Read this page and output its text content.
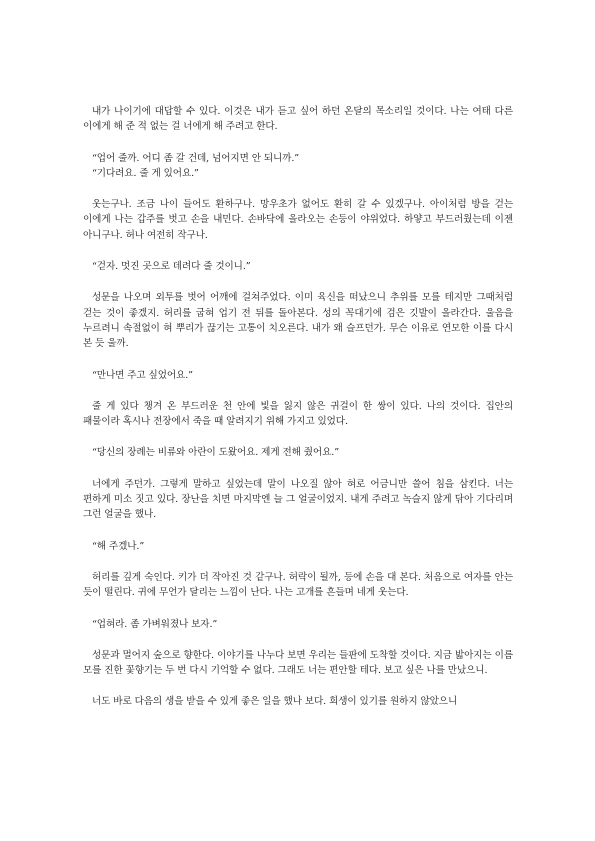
내가 나이기에 대답할 수 있다. 이것은 내가 듣고 싶어 하던 온달의 목소리일 것이다. 나는 여태 다른 이에게 해 준 적 없는 걸 너에게 해 주려고 한다.

“업어 줄까. 어디 좀 갈 건데, 넘어지면 안 되니까.”

“기다려요. 줄 게 있어요.”

웃는구나. 조금 나이 들어도 환하구나. 망우초가 없어도 환히 갈 수 있겠구나. 아이처럼 방을 걷는 이에게 나는 갑주를 벗고 손을 내민다. 손바닥에 올라오는 손등이 야위었다. 하얗고 부드러웠는데 이젠 아니구나. 허나 여전히 작구나.

“걷자. 멋진 곳으로 데려다 줄 것이니.”

성문을 나오며 외투를 벗어 어깨에 걸쳐주었다. 이미 육신을 떠났으니 추위를 모를 테지만 그때처럼 걷는 것이 좋겠지. 허리를 굽혀 업기 전 뒤를 돌아본다. 성의 꼭대기에 검은 깃발이 올라간다. 울음을 누르려니 속절없이 혀 뿌리가 끊기는 고통이 치오른다. 내가 왜 슬프던가. 무슨 이유로 연모한 이를 다시 본 듯 울까.

“만나면 주고 싶었어요.”

줄 게 있다 챙겨 온 부드러운 천 안에 빛을 잃지 않은 귀걸이 한 쌍이 있다. 나의 것이다. 집안의 패물이라 혹시나 전장에서 죽을 때 알려지기 위해 가지고 있었다.

“당신의 장례는 비류와 아란이 도왔어요. 제게 전해 줬어요.”

너에게 주던가. 그렇게 말하고 싶었는데 말이 나오질 않아 혀로 어금니만 쓸어 침을 삼킨다. 너는 편하게 미소 짓고 있다. 장난을 치면 마지막엔 늘 그 얼굴이었지. 내게 주려고 녹슬지 않게 닦아 기다리며 그런 얼굴을 했나.

“해 주겠나.”

허리를 깊게 숙인다. 키가 더 작아진 것 같구나. 허락이 될까, 등에 손을 대 본다. 처음으로 여자를 안는 듯이 떨린다. 귀에 무언가 달리는 느낌이 난다. 나는 고개를 흔들며 네게 웃는다.

“업혀라. 좀 가벼워졌나 보자.”

성문과 멀어지 숲으로 향한다. 이야기를 나누다 보면 우리는 들판에 도착할 것이다. 지금 밟아지는 이름 모를 진한 꽃향기는 두 번 다시 기억할 수 없다. 그래도 너는 편안할 테다. 보고 싶은 나를 만났으니.

너도 바로 다음의 생을 받을 수 있게 좋은 일을 했나 보다. 희생이 있기를 원하지 않았으니
